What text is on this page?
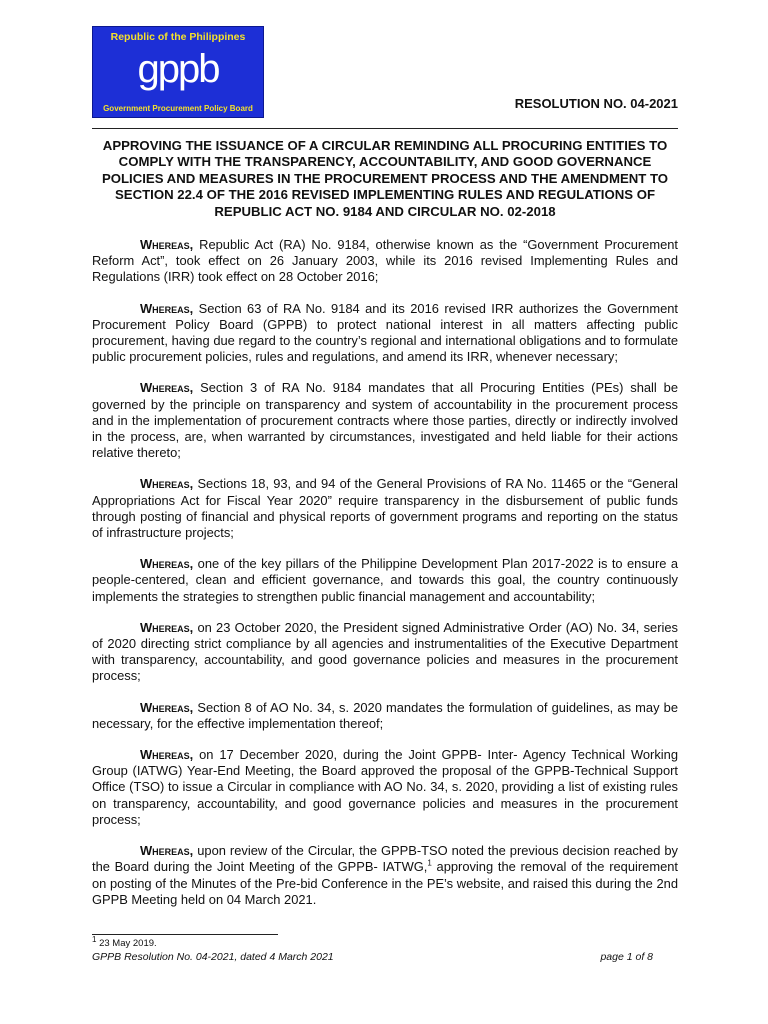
Republic of the Philippines
gppb
Government Procurement Policy Board	RESOLUTION NO. 04-2021
APPROVING THE ISSUANCE OF A CIRCULAR REMINDING ALL PROCURING ENTITIES TO COMPLY WITH THE TRANSPARENCY, ACCOUNTABILITY, AND GOOD GOVERNANCE POLICIES AND MEASURES IN THE PROCUREMENT PROCESS AND THE AMENDMENT TO SECTION 22.4 OF THE 2016 REVISED IMPLEMENTING RULES AND REGULATIONS OF REPUBLIC ACT NO. 9184 AND CIRCULAR NO. 02-2018

Whereas, Republic Act (RA) No. 9184, otherwise known as the “Government Procurement Reform Act”, took effect on 26 January 2003, while its 2016 revised Implementing Rules and Regulations (IRR) took effect on 28 October 2016;

Whereas, Section 63 of RA No. 9184 and its 2016 revised IRR authorizes the Government Procurement Policy Board (GPPB) to protect national interest in all matters affecting public procurement, having due regard to the country’s regional and international obligations and to formulate public procurement policies, rules and regulations, and amend its IRR, whenever necessary;

Whereas, Section 3 of RA No. 9184 mandates that all Procuring Entities (PEs) shall be governed by the principle on transparency and system of accountability in the procurement process and in the implementation of procurement contracts where those parties, directly or indirectly involved in the process, are, when warranted by circumstances, investigated and held liable for their actions relative thereto;

Whereas, Sections 18, 93, and 94 of the General Provisions of RA No. 11465 or the “General Appropriations Act for Fiscal Year 2020” require transparency in the disbursement of public funds through posting of financial and physical reports of government programs and reporting on the status of infrastructure projects;

Whereas, one of the key pillars of the Philippine Development Plan 2017-2022 is to ensure a people-centered, clean and efficient governance, and towards this goal, the country continuously implements the strategies to strengthen public financial management and accountability;

Whereas, on 23 October 2020, the President signed Administrative Order (AO) No. 34, series of 2020 directing strict compliance by all agencies and instrumentalities of the Executive Department with transparency, accountability, and good governance policies and measures in the procurement process;

Whereas, Section 8 of AO No. 34, s. 2020 mandates the formulation of guidelines, as may be necessary, for the effective implementation thereof;

Whereas, on 17 December 2020, during the Joint GPPB- Inter- Agency Technical Working Group (IATWG) Year-End Meeting, the Board approved the proposal of the GPPB-Technical Support Office (TSO) to issue a Circular in compliance with AO No. 34, s. 2020, providing a list of existing rules on transparency, accountability, and good governance policies and measures in the procurement process;

Whereas, upon review of the Circular, the GPPB-TSO noted the previous decision reached by the Board during the Joint Meeting of the GPPB- IATWG,$^1$ approving the removal of the requirement on posting of the Minutes of the Pre-bid Conference in the PE’s website, and raised this during the 2nd GPPB Meeting held on 04 March 2021.

$^1$ 23 May 2019.
GPPB Resolution No. 04-2021, dated 4 March 2021	page 1 of 8
